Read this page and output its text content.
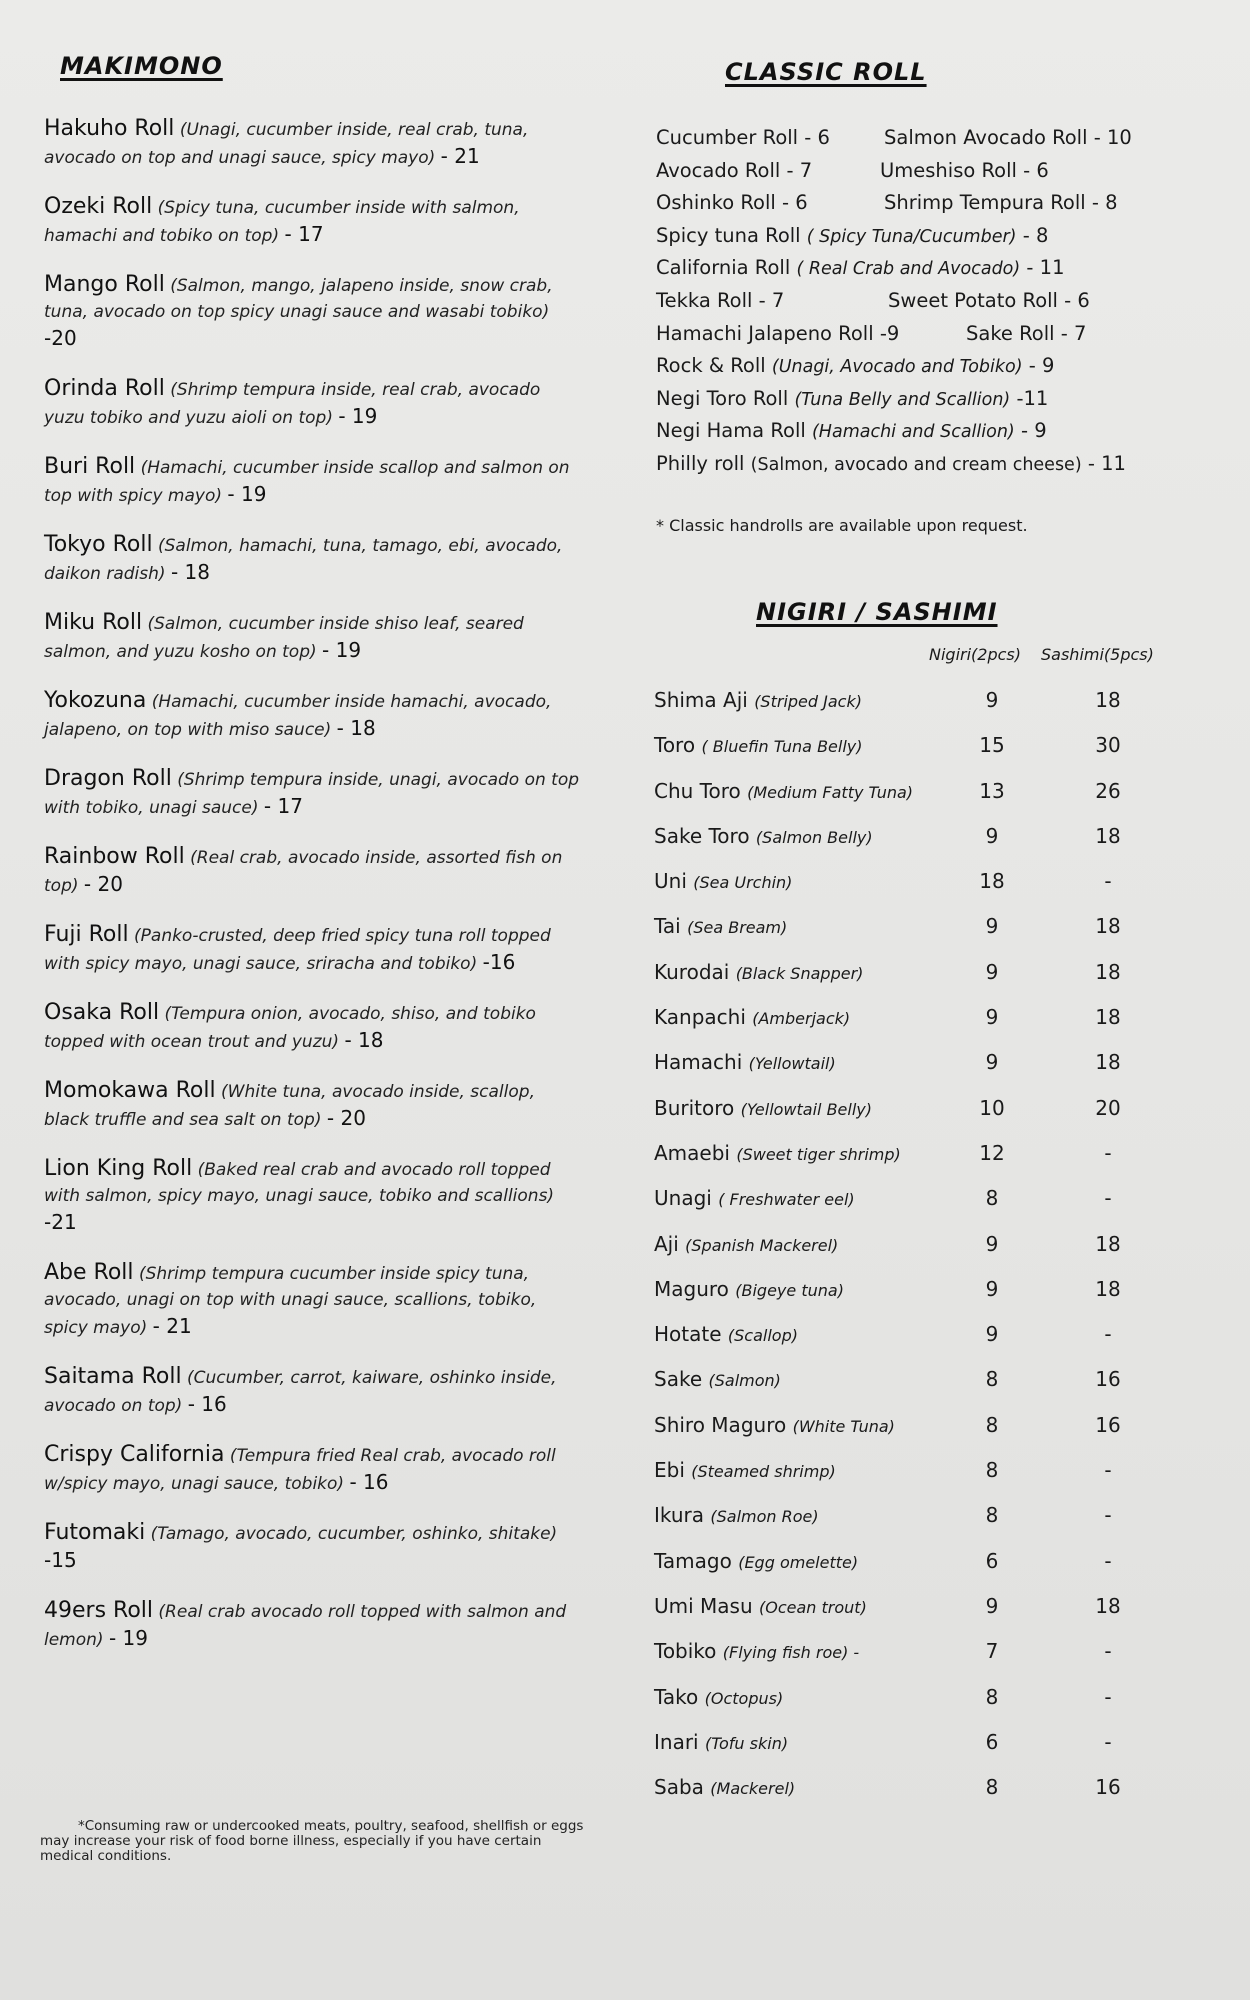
MAKIMONO
Hakuho Roll (Unagi, cucumber inside, real crab, tuna, avocado on top and unagi sauce, spicy mayo) - 21
Ozeki Roll (Spicy tuna, cucumber inside with salmon, hamachi and tobiko on top) - 17
Mango Roll (Salmon, mango, jalapeno inside, snow crab, tuna, avocado on top spicy unagi sauce and wasabi tobiko) -20
Orinda Roll (Shrimp tempura inside, real crab, avocado yuzu tobiko and yuzu aioli on top) - 19
Buri Roll (Hamachi, cucumber inside scallop and salmon on top with spicy mayo) - 19
Tokyo Roll (Salmon, hamachi, tuna, tamago, ebi, avocado, daikon radish) - 18
Miku Roll (Salmon, cucumber inside shiso leaf, seared salmon, and yuzu kosho on top) - 19
Yokozuna (Hamachi, cucumber inside hamachi, avocado, jalapeno, on top with miso sauce) - 18
Dragon Roll (Shrimp tempura inside, unagi, avocado on top with tobiko, unagi sauce) - 17
Rainbow Roll (Real crab, avocado inside, assorted fish on top) - 20
Fuji Roll (Panko-crusted, deep fried spicy tuna roll topped with spicy mayo, unagi sauce, sriracha and tobiko) -16
Osaka Roll (Tempura onion, avocado, shiso, and tobiko topped with ocean trout and yuzu) - 18
Momokawa Roll (White tuna, avocado inside, scallop, black truffle and sea salt on top) - 20
Lion King Roll (Baked real crab and avocado roll topped with salmon, spicy mayo, unagi sauce, tobiko and scallions) -21
Abe Roll (Shrimp tempura cucumber inside spicy tuna, avocado, unagi on top with unagi sauce, scallions, tobiko, spicy mayo) - 21
Saitama Roll (Cucumber, carrot, kaiware, oshinko inside, avocado on top) - 16
Crispy California (Tempura fried Real crab, avocado roll w/spicy mayo, unagi sauce, tobiko) - 16
Futomaki (Tamago, avocado, cucumber, oshinko, shitake) -15
49ers Roll (Real crab avocado roll topped with salmon and lemon) - 19
CLASSIC ROLL
Cucumber Roll - 6	Salmon Avocado Roll - 10
Avocado Roll - 7	Umeshiso Roll - 6
Oshinko Roll - 6	Shrimp Tempura Roll - 8
Spicy tuna Roll ( Spicy Tuna/Cucumber) - 8
California Roll ( Real Crab and Avocado) - 11
Tekka Roll - 7	Sweet Potato Roll - 6
Hamachi Jalapeno Roll -9	Sake Roll - 7
Rock & Roll (Unagi, Avocado and Tobiko) - 9
Negi Toro Roll (Tuna Belly and Scallion) -11
Negi Hama Roll (Hamachi and Scallion) - 9
Philly roll (Salmon, avocado and cream cheese) - 11
* Classic handrolls are available upon request.
NIGIRI / SASHIMI
Nigiri(2pcs) Sashimi(5pcs)
Shima Aji (Striped Jack)	9	18
Toro ( Bluefin Tuna Belly)	15	30
Chu Toro (Medium Fatty Tuna)	13	26
Sake Toro (Salmon Belly)	9	18
Uni (Sea Urchin)	18	-
Tai (Sea Bream)	9	18
Kurodai (Black Snapper)	9	18
Kanpachi (Amberjack)	9	18
Hamachi (Yellowtail)	9	18
Buritoro (Yellowtail Belly)	10	20
Amaebi (Sweet tiger shrimp)	12	-
Unagi ( Freshwater eel)	8	-
Aji (Spanish Mackerel)	9	18
Maguro (Bigeye tuna)	9	18
Hotate (Scallop)	9	-
Sake (Salmon)	8	16
Shiro Maguro (White Tuna)	8	16
Ebi (Steamed shrimp)	8	-
Ikura (Salmon Roe)	8	-
Tamago (Egg omelette)	6	-
Umi Masu (Ocean trout)	9	18
Tobiko (Flying fish roe) -	7	-
Tako (Octopus)	8	-
Inari (Tofu skin)	6	-
Saba (Mackerel)	8	16
*Consuming raw or undercooked meats, poultry, seafood, shellfish or eggs may increase your risk of food borne illness, especially if you have certain medical conditions.
